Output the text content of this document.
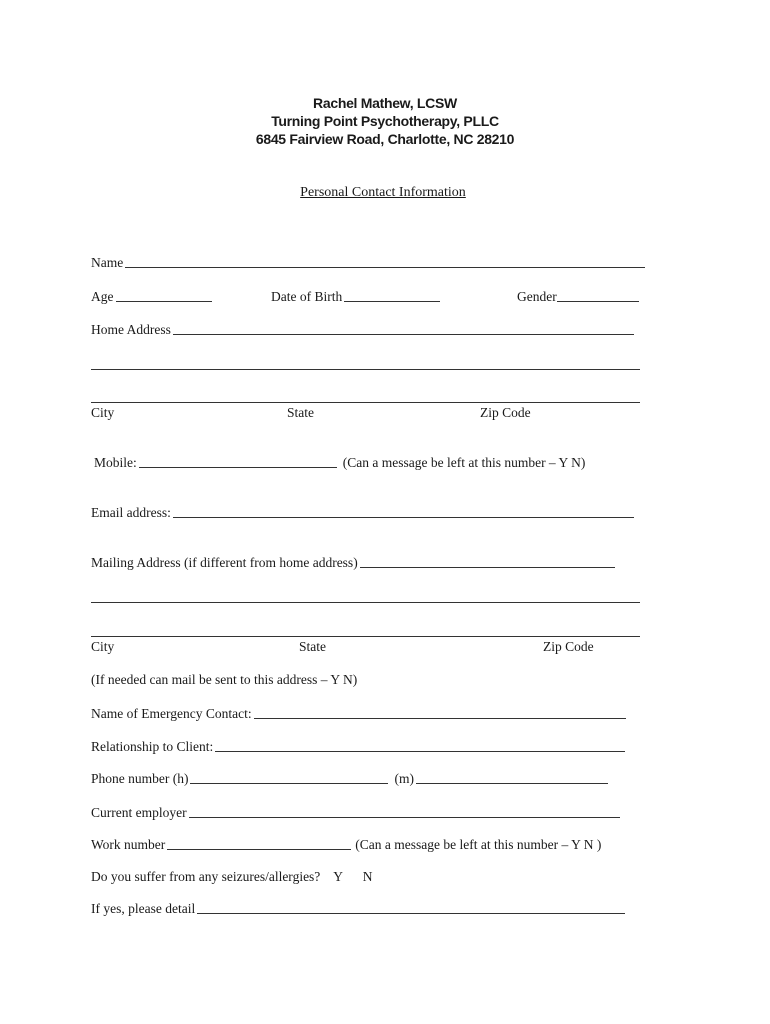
Rachel Mathew, LCSW
Turning Point Psychotherapy, PLLC
6845 Fairview Road, Charlotte, NC 28210
Personal Contact Information
Name
Age	Date of Birth	Gender
Home Address
City	State	Zip Code
Mobile:	(Can a message be left at this number – Y N)
Email address:
Mailing Address (if different from home address)
City	State	Zip Code
(If needed can mail be sent to this address – Y N)
Name of Emergency Contact:
Relationship to Client:
Phone number (h)	(m)
Current employer
Work number	(Can a message be left at this number – Y N )
Do you suffer from any seizures/allergies?    Y      N
If yes, please detail
